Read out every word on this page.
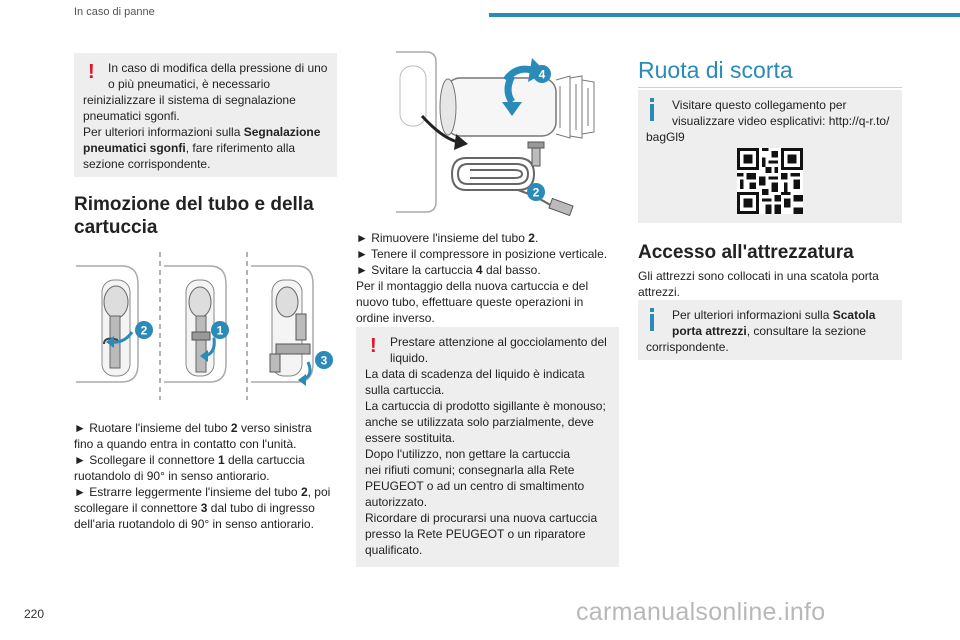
In caso di panne
!	In caso di modifica della pressione di uno

o più pneumatici, è necessario

reinizializzare il sistema di segnalazione

pneumatici sgonfi.

Per ulteriori informazioni sulla Segnalazione

pneumatici sgonfi, fare riferimento alla

sezione corrispondente.

Rimozione del tubo e della
cartuccia
2	1
3

► Ruotare l'insieme del tubo 2 verso sinistra

fino a quando entra in contatto con l'unità.

► Scollegare il connettore 1 della cartuccia

ruotandolo di 90° in senso antiorario.

► Estrarre leggermente l'insieme del tubo 2, poi

scollegare il connettore 3 dal tubo di ingresso

dell'aria ruotandolo di 90° in senso antiorario.

4
2

► Rimuovere l'insieme del tubo 2.

► Tenere il compressore in posizione verticale.

► Svitare la cartuccia 4 dal basso.

Per il montaggio della nuova cartuccia e del

nuovo tubo, effettuare queste operazioni in

ordine inverso.

!	Prestare attenzione al gocciolamento del

liquido.

La data di scadenza del liquido è indicata

sulla cartuccia.

La cartuccia di prodotto sigillante è monouso;

anche se utilizzata solo parzialmente, deve

essere sostituita.

Dopo l'utilizzo, non gettare la cartuccia

nei rifiuti comuni; consegnarla alla Rete

PEUGEOT o ad un centro di smaltimento

autorizzato.

Ricordare di procurarsi una nuova cartuccia

presso la Rete PEUGEOT o un riparatore

qualificato.

Ruota di scorta

Visitare questo collegamento per

visualizzare video esplicativi: http://q-r.to/

bagGl9

Accesso all'attrezzatura

Gli attrezzi sono collocati in una scatola porta

attrezzi.

Per ulteriori informazioni sulla Scatola

porta attrezzi, consultare la sezione

corrispondente.

220	carmanualsonline.info
